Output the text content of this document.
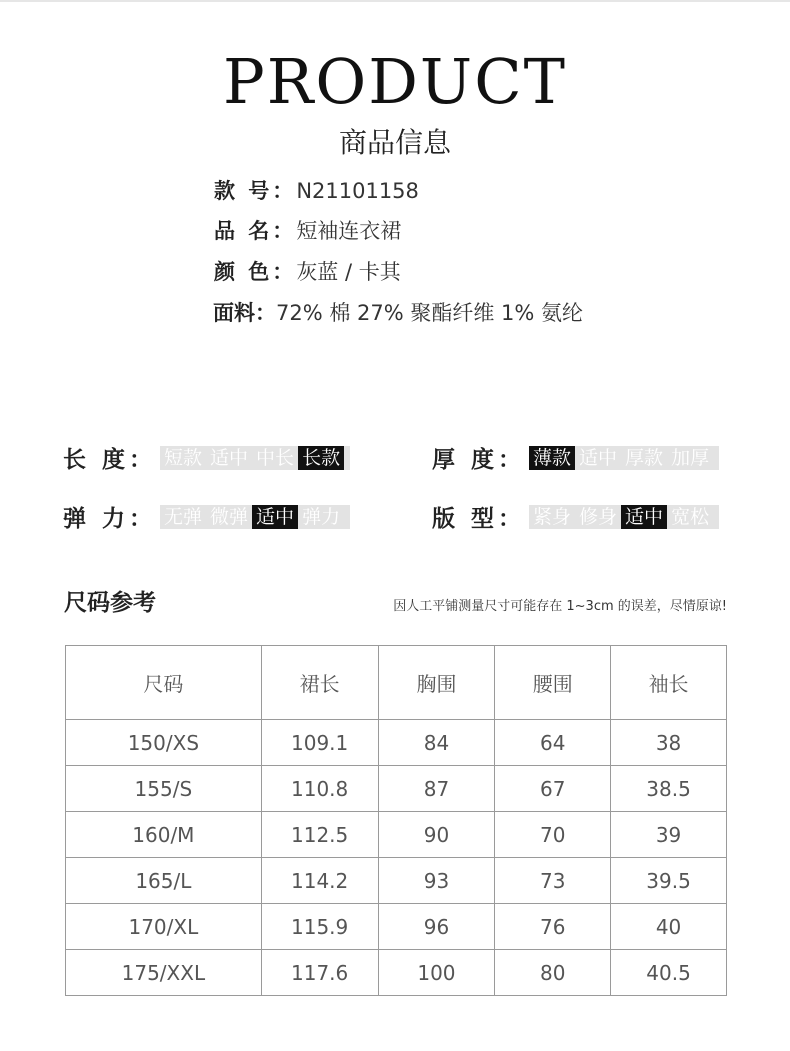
PRODUCT
商品信息
款 号：N21101158
品 名：短袖连衣裙
颜 色：灰蓝 / 卡其
面料：72% 棉 27% 聚酯纤维 1% 氨纶
长 度： 短款 适中 中长 长款	厚 度： 薄款 适中 厚款 加厚
弹 力： 无弹 微弹 适中 弹力	版 型： 紧身 修身 适中 宽松
尺码参考	因人工平铺测量尺寸可能存在 1~3cm 的误差，尽情原谅!
尺码	裙长	胸围	腰围	袖长
150/XS	109.1	84	64	38
155/S	110.8	87	67	38.5
160/M	112.5	90	70	39
165/L	114.2	93	73	39.5
170/XL	115.9	96	76	40
175/XXL	117.6	100	80	40.5
